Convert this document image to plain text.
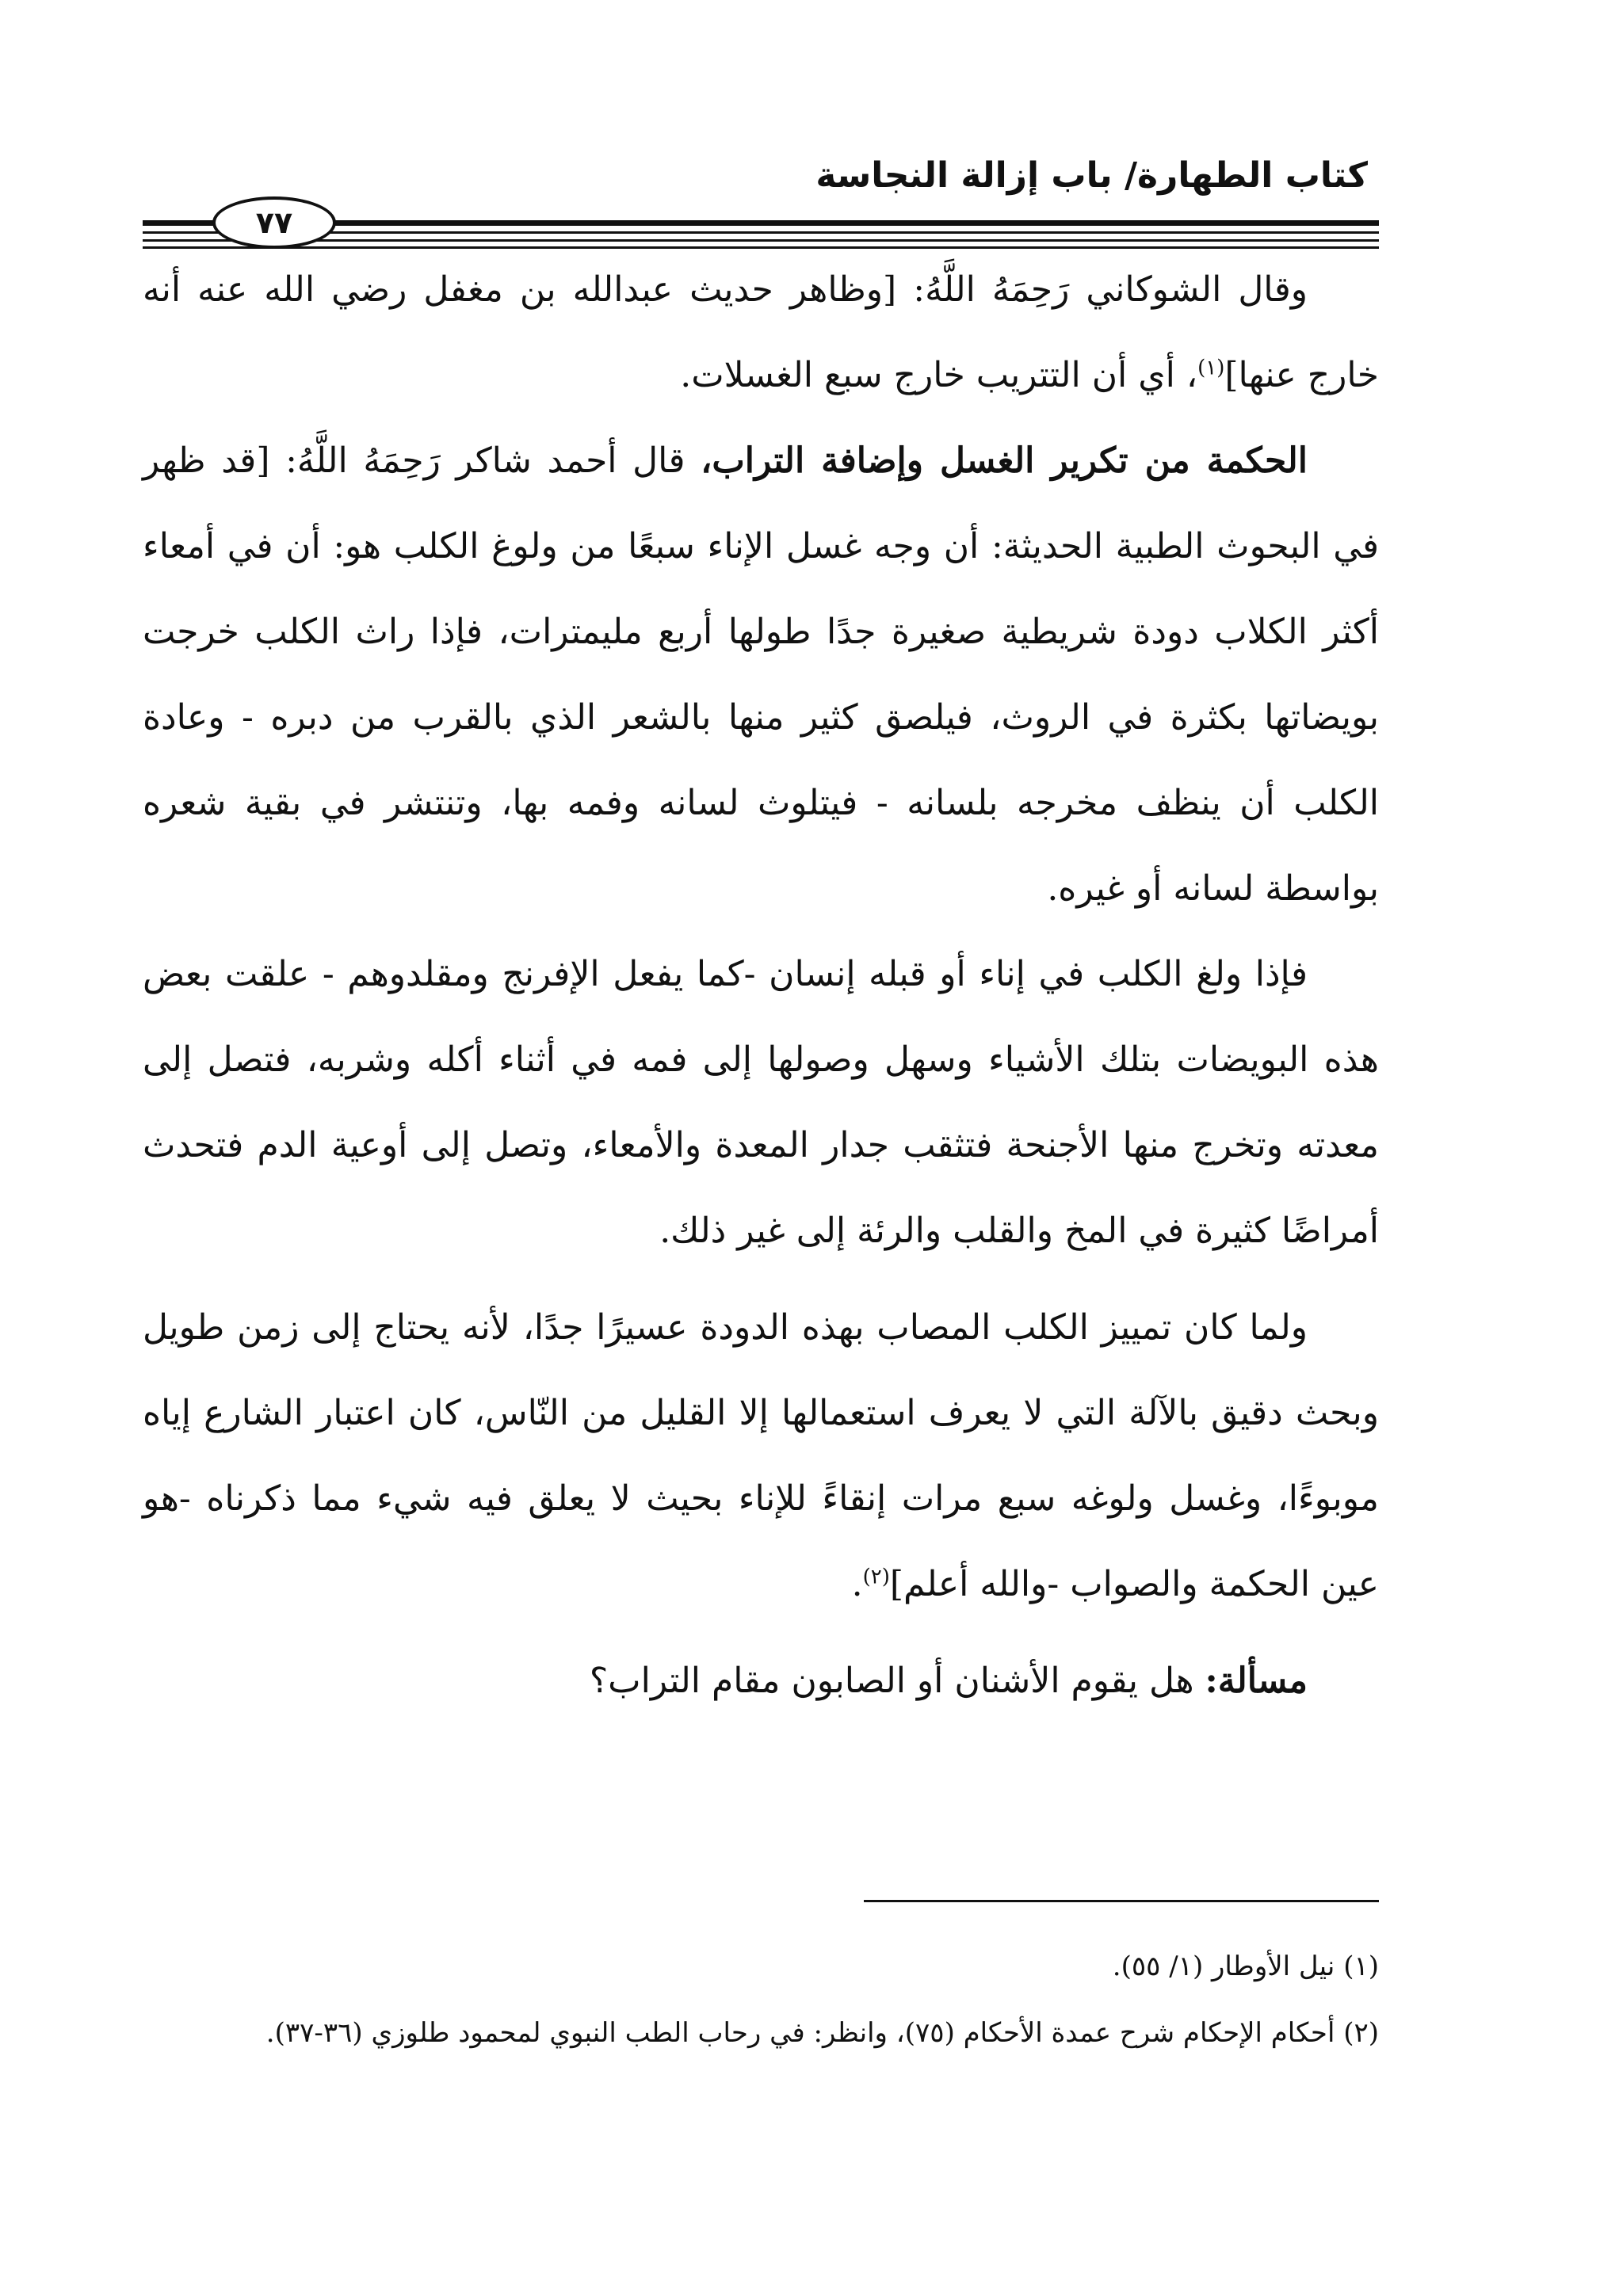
كتاب الطهارة/ باب إزالة النجاسة
٧٧

وقال الشوكاني رَحِمَهُ اللَّهُ: [وظاهر حديث عبدالله بن مغفل رضي الله عنه أنه خارج عنها]$^{(١)}$، أي أن التتريب خارج سبع الغسلات.

الحكمة من تكرير الغسل وإضافة التراب، قال أحمد شاكر رَحِمَهُ اللَّهُ: [قد ظهر في البحوث الطبية الحديثة: أن وجه غسل الإناء سبعًا من ولوغ الكلب هو: أن في أمعاء أكثر الكلاب دودة شريطية صغيرة جدًا طولها أربع مليمترات، فإذا راث الكلب خرجت بويضاتها بكثرة في الروث، فيلصق كثير منها بالشعر الذي بالقرب من دبره - وعادة الكلب أن ينظف مخرجه بلسانه - فيتلوث لسانه وفمه بها، وتنتشر في بقية شعره بواسطة لسانه أو غيره.

فإذا ولغ الكلب في إناء أو قبله إنسان -كما يفعل الإفرنج ومقلدوهم - علقت بعض هذه البويضات بتلك الأشياء وسهل وصولها إلى فمه في أثناء أكله وشربه، فتصل إلى معدته وتخرج منها الأجنحة فتثقب جدار المعدة والأمعاء، وتصل إلى أوعية الدم فتحدث أمراضًا كثيرة في المخ والقلب والرئة إلى غير ذلك.

ولما كان تمييز الكلب المصاب بهذه الدودة عسيرًا جدًا، لأنه يحتاج إلى زمن طويل وبحث دقيق بالآلة التي لا يعرف استعمالها إلا القليل من النّاس، كان اعتبار الشارع إياه موبوءًا، وغسل ولوغه سبع مرات إنقاءً للإناء بحيث لا يعلق فيه شيء مما ذكرناه -هو عين الحكمة والصواب -والله أعلم]$^{(٢)}$.

مسألة: هل يقوم الأشنان أو الصابون مقام التراب؟

(١) نيل الأوطار (١/ ٥٥).

(٢) أحكام الإحكام شرح عمدة الأحكام (٧٥)، وانظر: في رحاب الطب النبوي لمحمود طلوزي (٣٦-٣٧).
